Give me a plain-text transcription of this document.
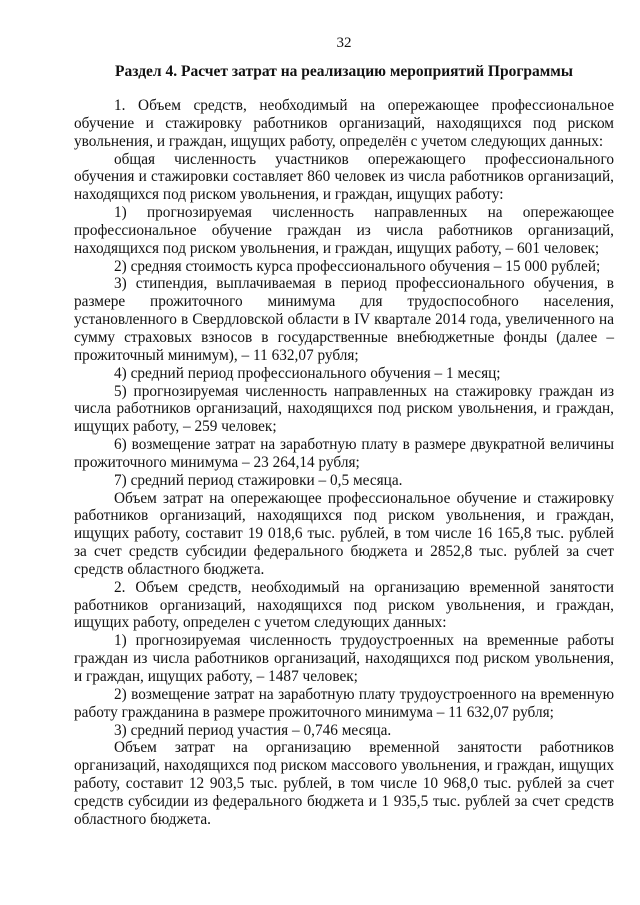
32
Раздел 4. Расчет затрат на реализацию мероприятий Программы

1. Объем средств, необходимый на опережающее профессиональное обучение и стажировку работников организаций, находящихся под риском увольнения, и граждан, ищущих работу, определён с учетом следующих данных:

общая численность участников опережающего профессионального обучения и стажировки составляет 860 человек из числа работников организаций, находящихся под риском увольнения, и граждан, ищущих работу:

1) прогнозируемая численность направленных на опережающее профессиональное обучение граждан из числа работников организаций, находящихся под риском увольнения, и граждан, ищущих работу, – 601 человек;

2) средняя стоимость курса профессионального обучения – 15 000 рублей;

3) стипендия, выплачиваемая в период профессионального обучения, в размере прожиточного минимума для трудоспособного населения, установленного в Свердловской области в IV квартале 2014 года, увеличенного на сумму страховых взносов в государственные внебюджетные фонды (далее – прожиточный минимум), – 11 632,07 рубля;

4) средний период профессионального обучения – 1 месяц;

5) прогнозируемая численность направленных на стажировку граждан из числа работников организаций, находящихся под риском увольнения, и граждан, ищущих работу, – 259 человек;

6) возмещение затрат на заработную плату в размере двукратной величины прожиточного минимума – 23 264,14 рубля;

7) средний период стажировки – 0,5 месяца.

Объем затрат на опережающее профессиональное обучение и стажировку работников организаций, находящихся под риском увольнения, и граждан, ищущих работу, составит 19 018,6 тыс. рублей, в том числе 16 165,8 тыс. рублей за счет средств субсидии федерального бюджета и 2852,8 тыс. рублей за счет средств областного бюджета.

2. Объем средств, необходимый на организацию временной занятости работников организаций, находящихся под риском увольнения, и граждан, ищущих работу, определен с учетом следующих данных:

1) прогнозируемая численность трудоустроенных на временные работы граждан из числа работников организаций, находящихся под риском увольнения, и граждан, ищущих работу, – 1487 человек;

2) возмещение затрат на заработную плату трудоустроенного на временную работу гражданина в размере прожиточного минимума – 11 632,07 рубля;

3) средний период участия – 0,746 месяца.

Объем затрат на организацию временной занятости работников организаций, находящихся под риском массового увольнения, и граждан, ищущих работу, составит 12 903,5 тыс. рублей, в том числе 10 968,0 тыс. рублей за счет средств субсидии из федерального бюджета и 1 935,5 тыс. рублей за счет средств областного бюджета.
